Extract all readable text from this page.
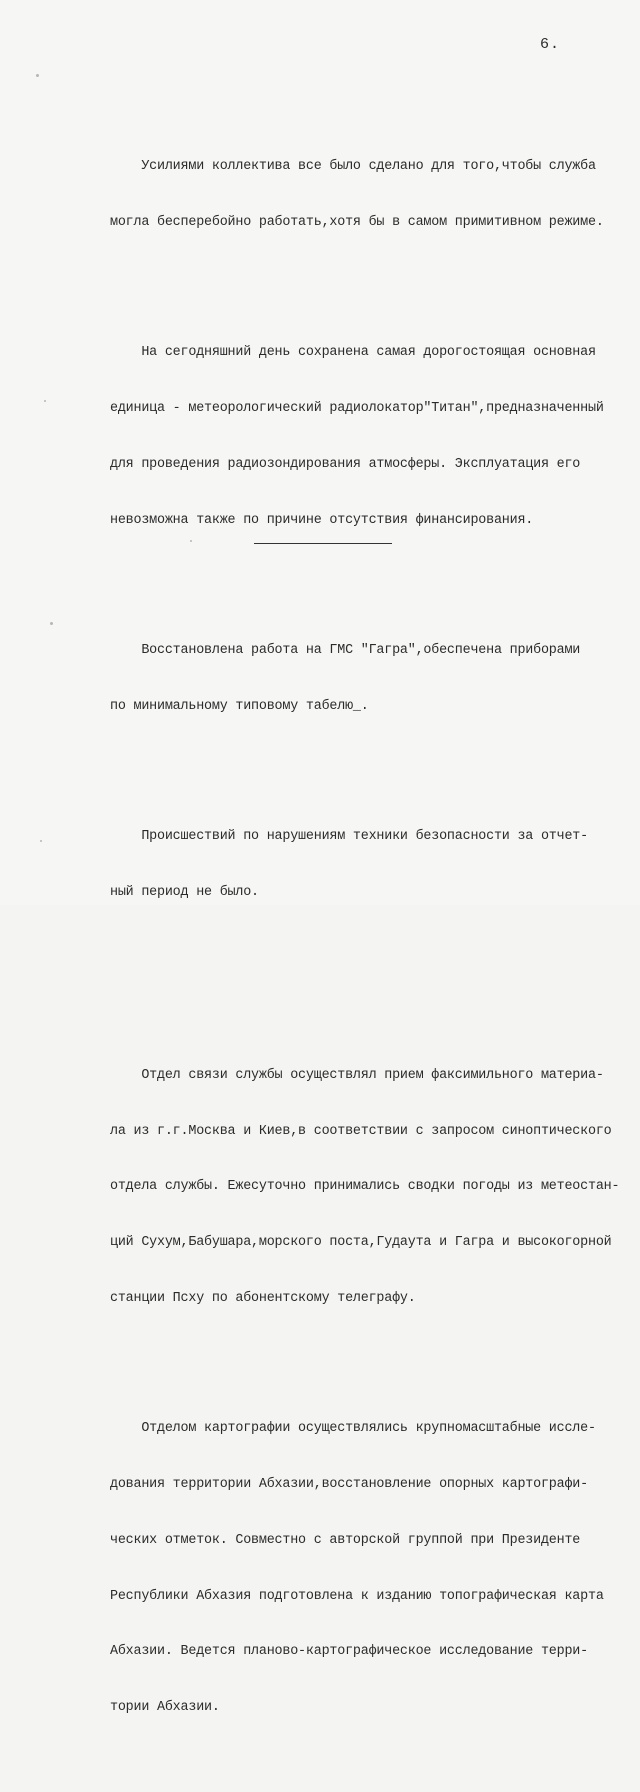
6.

Усилиями коллектива все было сделано для того,чтобы служба

могла бесперебойно работать,хотя бы в самом примитивном режиме.

На сегодняшний день сохранена самая дорогостоящая основная

единица - метеорологический радиолокатор"Титан",предназначенный

для проведения радиозондирования атмосферы. Эксплуатация его

невозможна также по причине отсутствия финансирования.

Восстановлена работа на ГМС "Гагра",обеспечена приборами

по минимальному типовому табелю_.

Происшествий по нарушениям техники безопасности за отчет-

ный период не было.

Отдел связи службы осуществлял прием факсимильного материа-

ла из г.г.Москва и Киев,в соответствии с запросом синоптического

отдела службы. Ежесуточно принимались сводки погоды из метеостан-

ций Сухум,Бабушара,морского поста,Гудаута и Гагра и высокогорной

станции Псху по абонентскому телеграфу.

Отделом картографии осуществлялись крупномасштабные иссле-

дования территории Абхазии,восстановление опорных картографи-

ческих отметок. Совместно с авторской группой при Президенте

Республики Абхазия подготовлена к изданию топографическая карта

Абхазии. Ведется планово-картографическое исследование терри-

тории Абхазии.
